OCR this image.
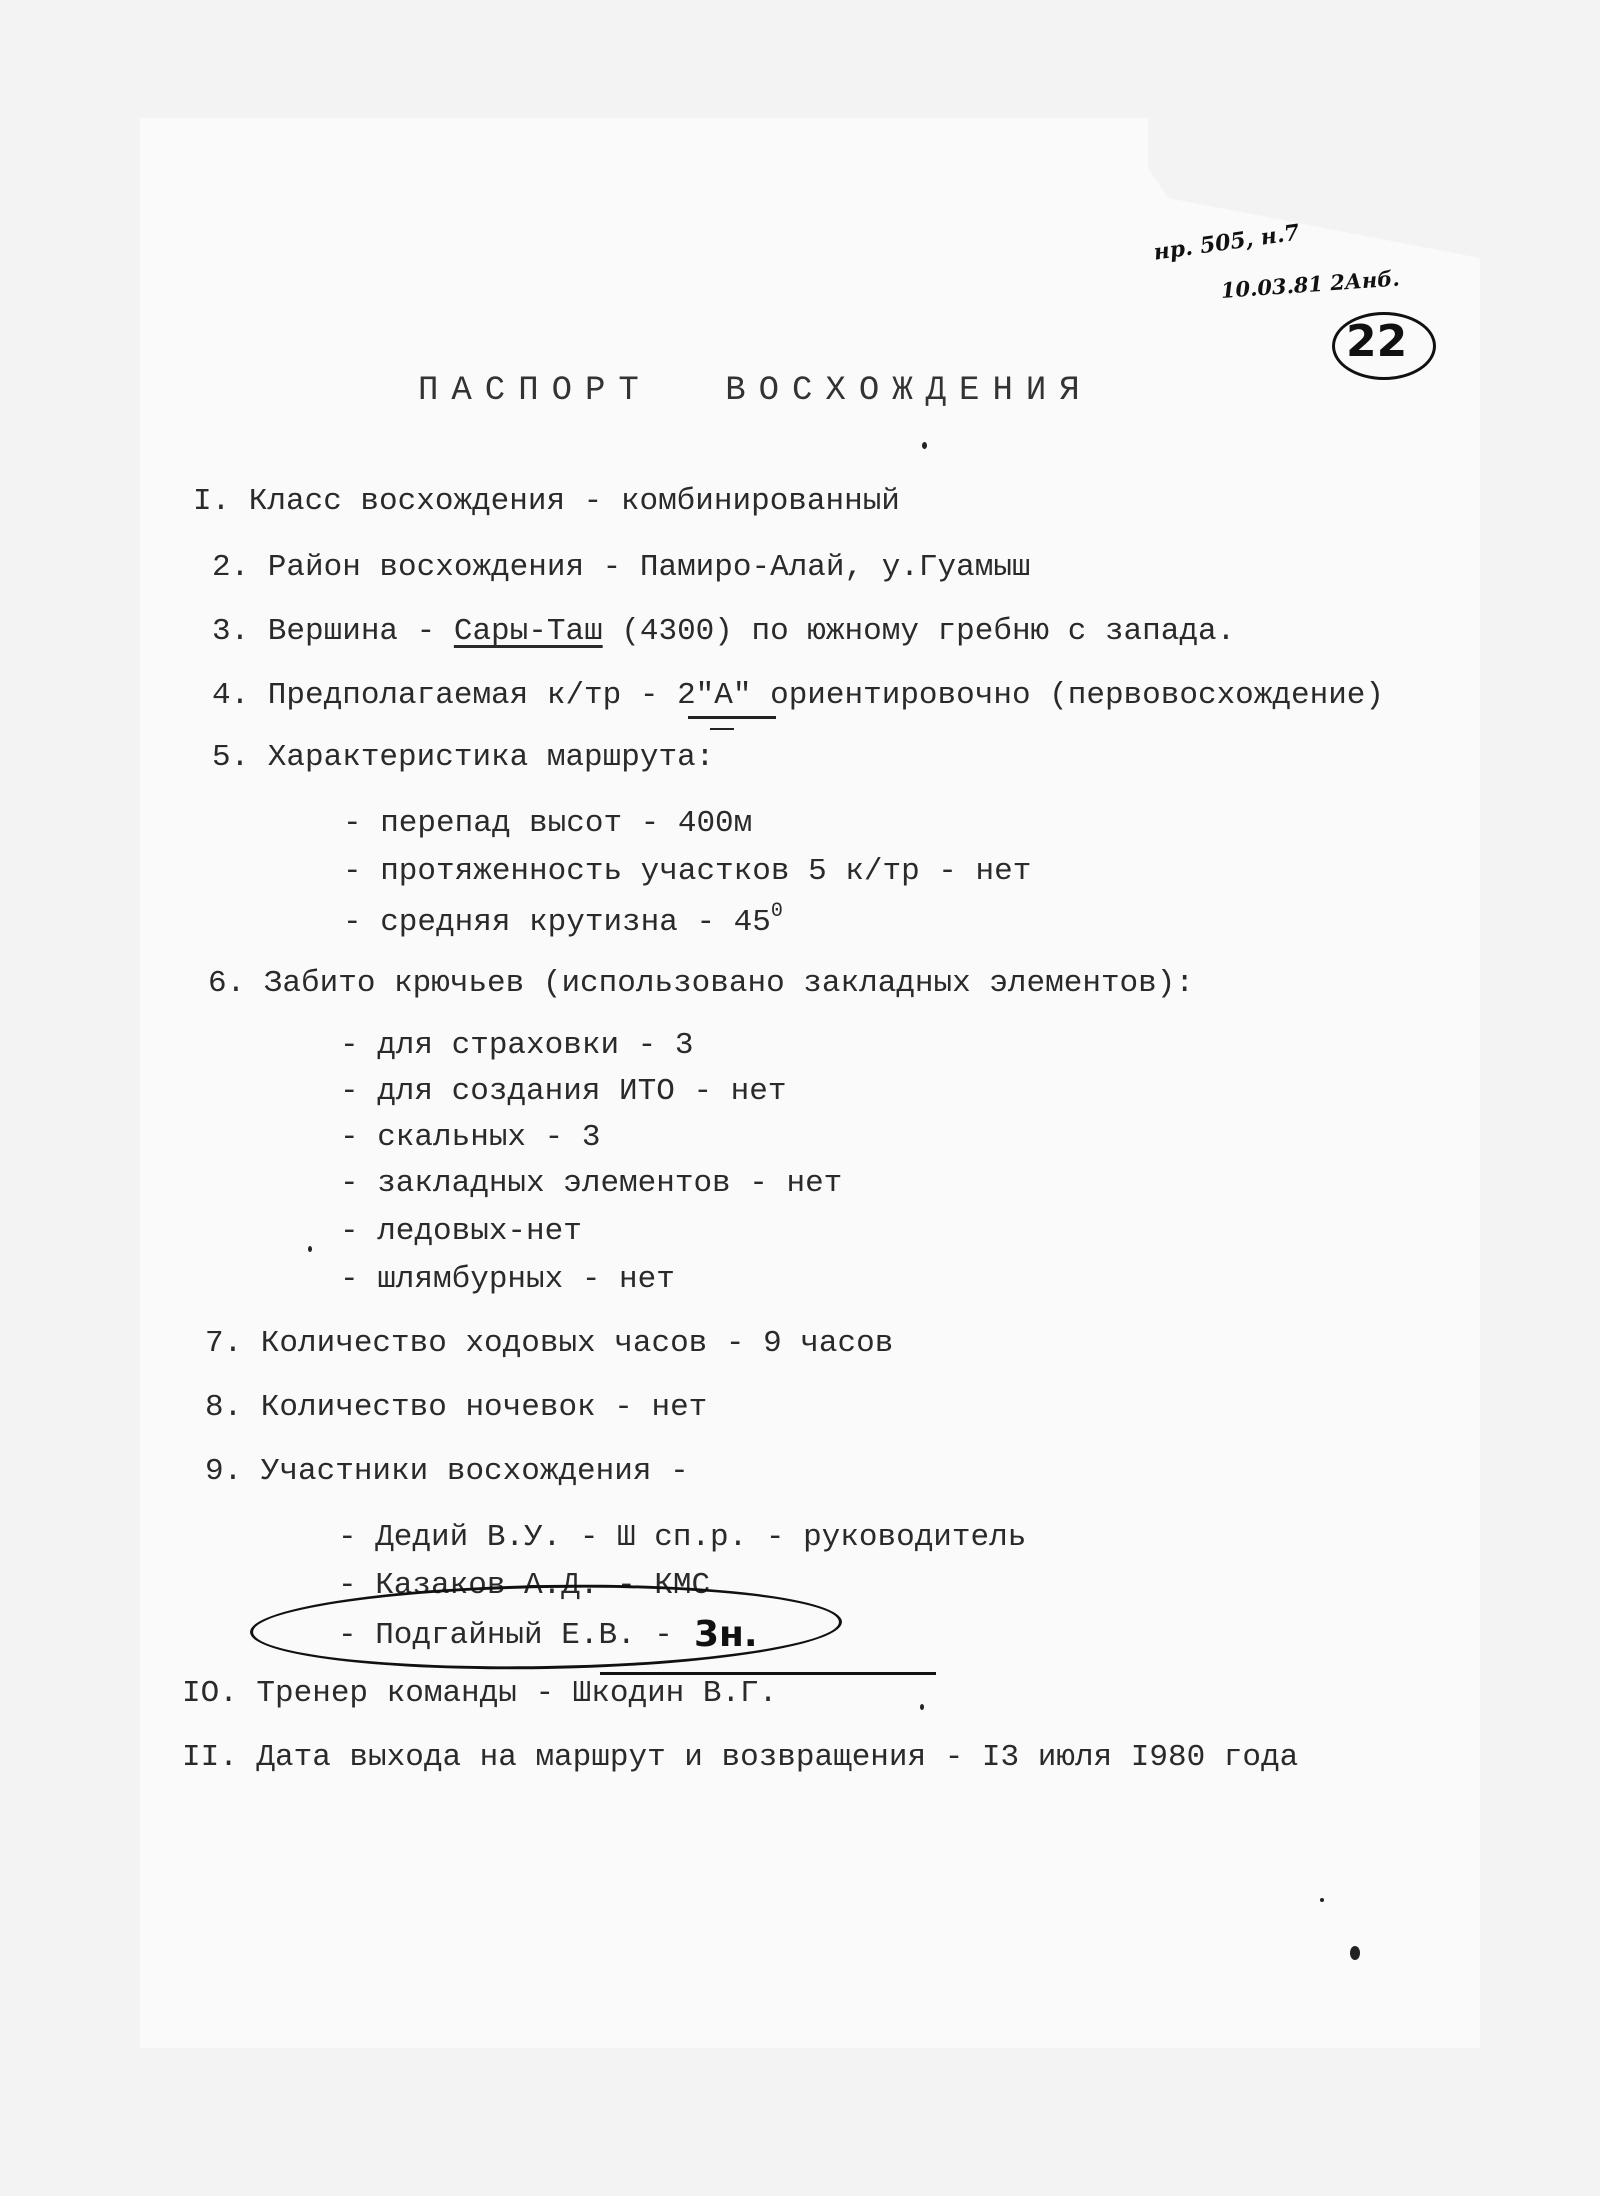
нр. 505, н.7
10.03.81 2Анб.
22
ПАСПОРТ ВОСХОЖДЕНИЯ
I. Класс восхождения - комбинированный
2. Район восхождения - Памиро-Алай, у.Гуамыш
3. Вершина - Сары-Таш (4300) по южному гребню с запада.
4. Предполагаемая к/тр - 2"А" ориентировочно (первовосхождение)
5. Характеристика маршрута:
- перепад высот - 400м
- протяженность участков 5 к/тр - нет
- средняя крутизна - $45^0$
6. Забито крючьев (использовано закладных элементов):
- для страховки - 3
- для создания ИТО - нет
- скальных - 3
- закладных элементов - нет
- ледовых-нет
- шлямбурных - нет
7. Количество ходовых часов - 9 часов
8. Количество ночевок - нет
9. Участники восхождения -
- Дедий В.У. - Ш сп.р. - руководитель
- Казаков А.Д. - КМС
- Подгайный Е.В. - 3н.
IO. Тренер команды - Шкодин В.Г.
II. Дата выхода на маршрут и возвращения - I3 июля I980 года
